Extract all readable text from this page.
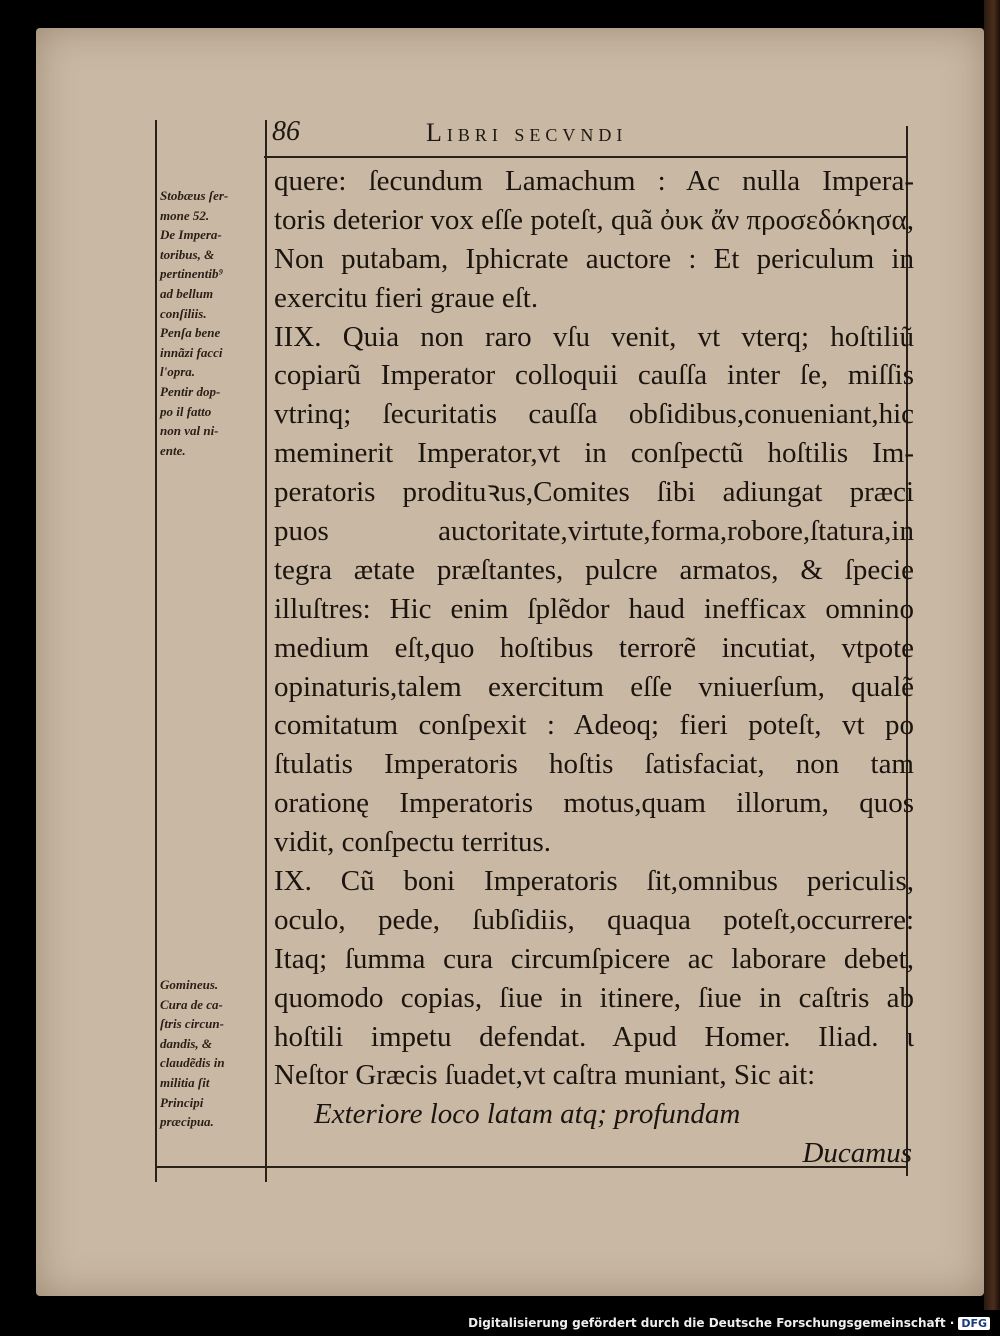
86	Libri secvndi
quere: ſecundum Lamachum : Ac nulla Impera-
toris deterior vox eſſe poteſt, quã ὀυκ ἄν προσεδόκησα,
Non putabam, Iphicrate auctore : Et periculum in
exercitu fieri graue eſt.
IIX. Quia non raro vſu venit, vt vterq; hoſtiliũ
copiarũ Imperator colloquii cauſſa inter ſe, miſſis
vtrinq; ſecuritatis cauſſa obſidibus,conueniant,hic
meminerit Imperator,vt in conſpectũ hoſtilis Im-
peratoris prodituꝛus,Comites ſibi adiungat præci
puos auctoritate,virtute,forma,robore,ſtatura,in
tegra ætate præſtantes, pulcre armatos, & ſpecie
illuſtres: Hic enim ſplẽdor haud inefficax omnino
medium eſt,quo hoſtibus terrorẽ incutiat, vtpote
opinaturis,talem exercitum eſſe vniuerſum, qualẽ
comitatum conſpexit : Adeoq; fieri poteſt, vt po
ſtulatis Imperatoris hoſtis ſatisfaciat, non tam
orationę Imperatoris motus,quam illorum, quos
vidit, conſpectu territus.
IX. Cũ boni Imperatoris ſit,omnibus periculis,
oculo, pede, ſubſidiis, quaqua poteſt,occurrere:
Itaq; ſumma cura circumſpicere ac laborare debet,
quomodo copias, ſiue in itinere, ſiue in caſtris ab
hoſtili impetu defendat. Apud Homer. Iliad. ɩ
Neſtor Græcis ſuadet,vt caſtra muniant, Sic ait:
Exteriore loco latam atq; profundam
Ducamus
Stobæus ſer-
mone 52.
De Impera-
toribus, &
pertinentib⁹
ad bellum
conſiliis.
Penſa bene
innãzi facci
l'opra.
Pentir dop-
po il fatto
non val ni-
ente.
Gomineus.
Cura de ca-
ſtris circun-
dandis, &
claudẽdis in
militia ſit
Principi
præcipua.
Digitalisierung gefördert durch die Deutsche Forschungsgemeinschaft · DFG
